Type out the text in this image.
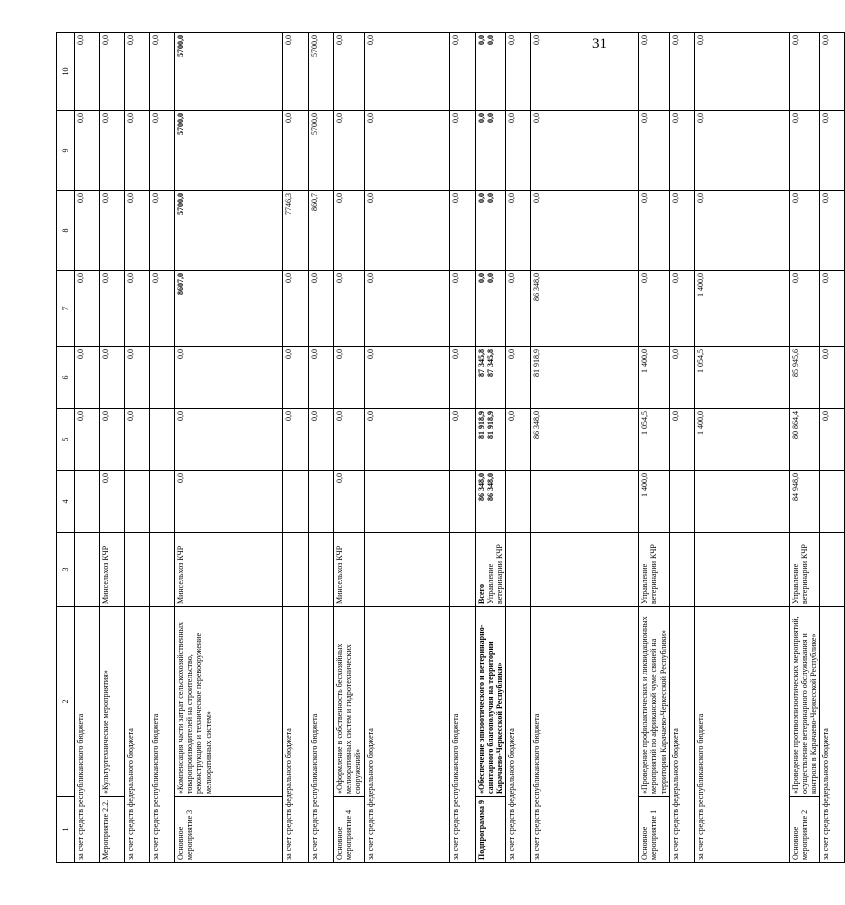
31
1	2	3	4	5	6	7	8	9	10	
за счет средств республиканского бюджета				0,0	0,0	0,0	0,0	0,0	0,0	
Мероприятие 2.2.	«Культуртехнические мероприятия»	Минсельхоз КЧР	0,0	0,0	0,0	0,0	0,0	0,0	0,0	
за счет средств федерального бюджета				0,0	0,0	0,0	0,0	0,0	0,0	
за счет средств республиканского бюджета						0,0	0,0	0,0	0,0	
Основное мероприятие 3	«Компенсация части затрат сельскохозяйственных товаропроизводителей на строительство, реконструкцию и техническое перевооружение мелиоративных систем»	Минсельхоз КЧР	0,0	0,0	0,0	8607,0	5700,0	5700,0	5700,0	
за счет средств федерального бюджета				0,0	0,0	0,0	7746,3	0,0	0,0	
за счет средств республиканского бюджета				0,0	0,0	0,0	860,7	5700,0	5700,0	
Основное мероприятие 4	«Оформление в собственность бесхозяйных мелиоративных систем и гидротехнических сооружений»	Минсельхоз КЧР	0,0	0,0	0,0	0,0	0,0	0,0	0,0	
за счет средств федерального бюджета				0,0	0,0	0,0	0,0	0,0	0,0	
за счет средств республиканского бюджета				0,0	0,0	0,0	0,0	0,0	0,0	
Подпрограмма 9	«Обеспечение эпизоотического и ветеринарно-санитарного благополучия на территории Карачаево-Черкесской Республики»	Всего Управление ветеринарии КЧР	86 348,0 86 348,0	81 918,9 81 918,9	87 345,8 87 345,8	0,0 0,0	0,0 0,0	0,0 0,0	0,0 0,0	

за счет средств федерального бюджета				0,0	0,0	0,0	0,0	0,0	0,0	
за счет средств республиканского бюджета				86 348,0	81 918,9	86 348,0	0,0	0,0	0,0	
Основное мероприятие 1	«Проведение профилактических и ликвидационных мероприятий по африканской чуме свиней на территории Карачаево-Черкесской Республики»	Управление ветеринарии КЧР	1 400,0	1 054,5	1 400,0	0,0	0,0	0,0	0,0	
за счет средств федерального бюджета				0,0	0,0	0,0	0,0	0,0	0,0	
за счет средств республиканского бюджета				1 400,0	1 054,5	1 400,0	0,0	0,0	0,0	
Основное мероприятие 2	«Проведение противоэпизоотических мероприятий, осуществление ветеринарного обслуживания и контроля в Карачаево-Черкесской Республике»	Управление ветеринарии КЧР	84 948,0	80 864,4	85 945,6	0,0	0,0	0,0	0,0	
за счет средств федерального бюджета				0,0	0,0	0,0	0,0	0,0	0,0	
